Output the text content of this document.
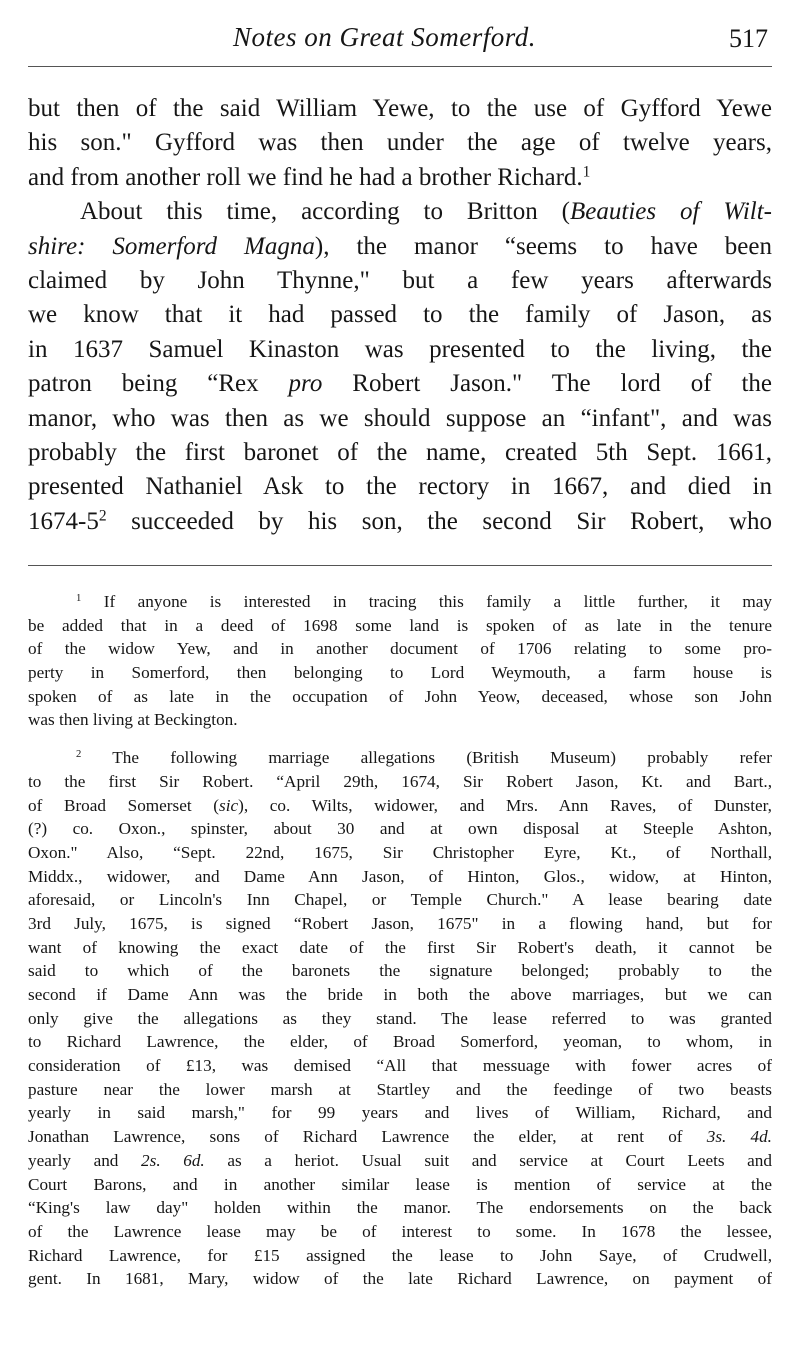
Notes on Great Somerford.	517
but then of the said William Yewe, to the use of Gyfford Yewe
his son." Gyfford was then under the age of twelve years,
and from another roll we find he had a brother Richard.$^1$
About this time, according to Britton (Beauties of Wilt-
shire: Somerford Magna), the manor “seems to have been
claimed by John Thynne," but a few years afterwards
we know that it had passed to the family of Jason, as
in 1637 Samuel Kinaston was presented to the living, the
patron being “Rex pro Robert Jason." The lord of the
manor, who was then as we should suppose an “infant", and was
probably the first baronet of the name, created 5th Sept. 1661,
presented Nathaniel Ask to the rectory in 1667, and died in
$1674-5^2$ succeeded by his son, the second Sir Robert, who
$^1$ If anyone is interested in tracing this family a little further, it may
be added that in a deed of 1698 some land is spoken of as late in the tenure
of the widow Yew, and in another document of 1706 relating to some pro-
perty in Somerford, then belonging to Lord Weymouth, a farm house is
spoken of as late in the occupation of John Yeow, deceased, whose son John
was then living at Beckington.
$^2$ The following marriage allegations (British Museum) probably refer
to the first Sir Robert. “April 29th, 1674, Sir Robert Jason, Kt. and Bart.,
of Broad Somerset (sic), co. Wilts, widower, and Mrs. Ann Raves, of Dunster,
(?) co. Oxon., spinster, about 30 and at own disposal at Steeple Ashton,
Oxon." Also, “Sept. 22nd, 1675, Sir Christopher Eyre, Kt., of Northall,
Middx., widower, and Dame Ann Jason, of Hinton, Glos., widow, at Hinton,
aforesaid, or Lincoln's Inn Chapel, or Temple Church." A lease bearing date
3rd July, 1675, is signed “Robert Jason, 1675" in a flowing hand, but for
want of knowing the exact date of the first Sir Robert's death, it cannot be
said to which of the baronets the signature belonged; probably to the
second if Dame Ann was the bride in both the above marriages, but we can
only give the allegations as they stand. The lease referred to was granted
to Richard Lawrence, the elder, of Broad Somerford, yeoman, to whom, in
consideration of £13, was demised “All that messuage with fower acres of
pasture near the lower marsh at Startley and the feedinge of two beasts
yearly in said marsh," for 99 years and lives of William, Richard, and
Jonathan Lawrence, sons of Richard Lawrence the elder, at rent of 3s. 4d.
yearly and 2s. 6d. as a heriot. Usual suit and service at Court Leets and
Court Barons, and in another similar lease is mention of service at the
“King's law day" holden within the manor. The endorsements on the back
of the Lawrence lease may be of interest to some. In 1678 the lessee,
Richard Lawrence, for £15 assigned the lease to John Saye, of Crudwell,
gent. In 1681, Mary, widow of the late Richard Lawrence, on payment of
